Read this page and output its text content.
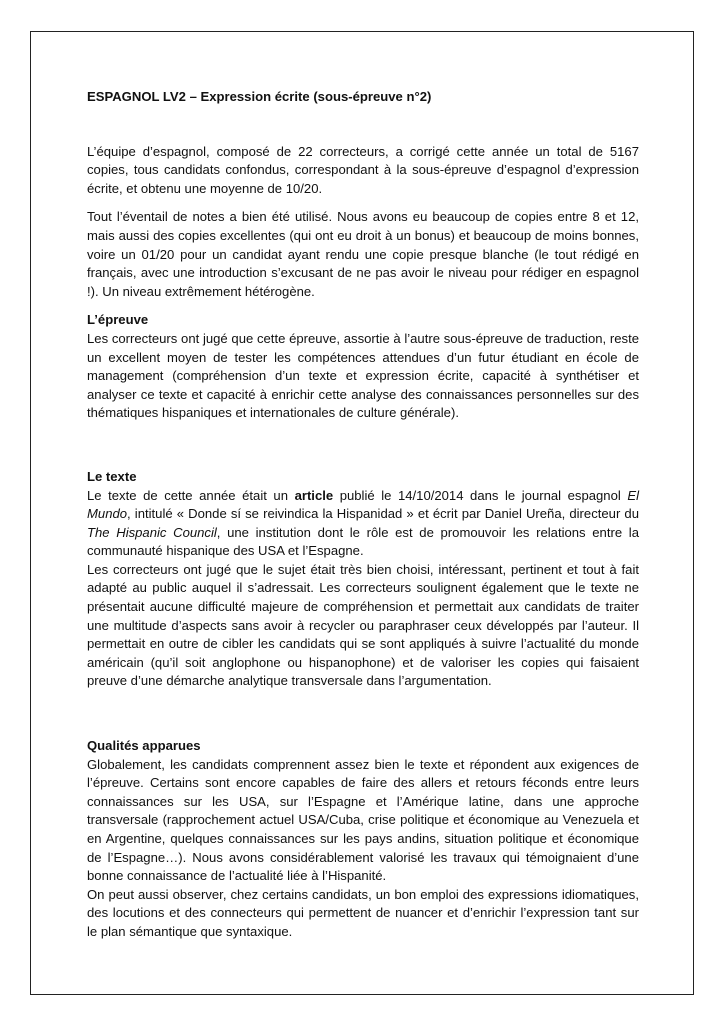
ESPAGNOL LV2 – Expression écrite (sous-épreuve n°2)

L’équipe d’espagnol, composé de 22 correcteurs, a corrigé cette année un total de 5167 copies, tous candidats confondus, correspondant à la sous-épreuve d’espagnol d’expression écrite, et obtenu une moyenne de 10/20.

Tout l’éventail de notes a bien été utilisé. Nous avons eu beaucoup de copies entre 8 et 12, mais aussi des copies excellentes (qui ont eu droit à un bonus) et beaucoup de moins bonnes, voire un 01/20 pour un candidat ayant rendu une copie presque blanche (le tout rédigé en français, avec une introduction s’excusant de ne pas avoir le niveau pour rédiger en espagnol !). Un niveau extrêmement hétérogène.

L’épreuve

Les correcteurs ont jugé que cette épreuve, assortie à l’autre sous-épreuve de traduction, reste un excellent moyen de tester les compétences attendues d’un futur étudiant en école de management (compréhension d’un texte et expression écrite, capacité à synthétiser et analyser ce texte et capacité à enrichir cette analyse des connaissances personnelles sur des thématiques hispaniques et internationales de culture générale).

Le texte

Le texte de cette année était un article publié le 14/10/2014 dans le journal espagnol El Mundo, intitulé « Donde sí se reivindica la Hispanidad » et écrit par Daniel Ureña, directeur du The Hispanic Council, une institution dont le rôle est de promouvoir les relations entre la communauté hispanique des USA et l’Espagne.

Les correcteurs ont jugé que le sujet était très bien choisi, intéressant, pertinent et tout à fait adapté au public auquel il s’adressait. Les correcteurs soulignent également que le texte ne présentait aucune difficulté majeure de compréhension et permettait aux candidats de traiter une multitude d’aspects sans avoir à recycler ou paraphraser ceux développés par l’auteur. Il permettait en outre de cibler les candidats qui se sont appliqués à suivre l’actualité du monde américain (qu’il soit anglophone ou hispanophone) et de valoriser les copies qui faisaient preuve d’une démarche analytique transversale dans l’argumentation.

Qualités apparues

Globalement, les candidats comprennent assez bien le texte et répondent aux exigences de l’épreuve. Certains sont encore capables de faire des allers et retours féconds entre leurs connaissances sur les USA, sur l’Espagne et l’Amérique latine, dans une approche transversale (rapprochement actuel USA/Cuba, crise politique et économique au Venezuela et en Argentine, quelques connaissances sur les pays andins, situation politique et économique de l’Espagne…). Nous avons considérablement valorisé les travaux qui témoignaient d’une bonne connaissance de l’actualité liée à l’Hispanité.

On peut aussi observer, chez certains candidats, un bon emploi des expressions idiomatiques, des locutions et des connecteurs qui permettent de nuancer et d’enrichir l’expression tant sur le plan sémantique que syntaxique.
